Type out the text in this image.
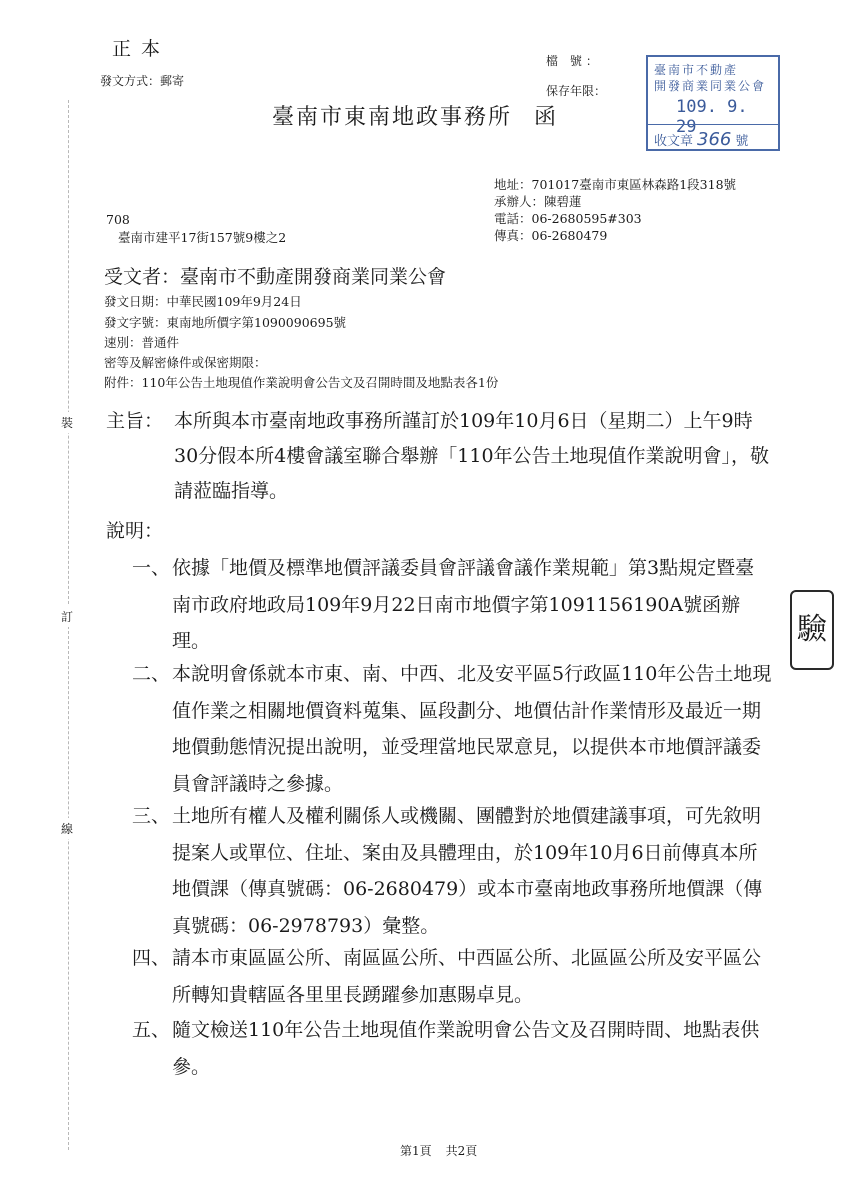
裝
訂
線
正本
發文方式：郵寄
檔 號：
保存年限：
臺南市東南地政事務所 函
臺南市不動產
開發商業同業公會
109. 9. 29
收文章 366 號
地址：701017臺南市東區林森路1段318號
承辦人：陳碧蓮
電話：06-2680595#303
傳真：06-2680479
708
臺南市建平17街157號9樓之2
受文者：臺南市不動產開發商業同業公會
發文日期：中華民國109年9月24日
發文字號：東南地所價字第1090090695號
速別：普通件
密等及解密條件或保密期限：
附件：110年公告土地現值作業說明會公告文及召開時間及地點表各1份
主旨： 本所與本市臺南地政事務所謹訂於109年10月6日（星期二）上午9時30分假本所4樓會議室聯合舉辦「110年公告土地現值作業說明會」，敬請蒞臨指導。
說明：
一、 依據「地價及標準地價評議委員會評議會議作業規範」第3點規定暨臺南市政府地政局109年9月22日南市地價字第1091156190A號函辦理。
二、 本說明會係就本市東、南、中西、北及安平區5行政區110年公告土地現值作業之相關地價資料蒐集、區段劃分、地價估計作業情形及最近一期地價動態情況提出說明，並受理當地民眾意見，以提供本市地價評議委員會評議時之參據。
三、 土地所有權人及權利關係人或機關、團體對於地價建議事項，可先敘明提案人或單位、住址、案由及具體理由，於109年10月6日前傳真本所地價課（傳真號碼：06-2680479）或本市臺南地政事務所地價課（傳真號碼：06-2978793）彙整。
四、 請本市東區區公所、南區區公所、中西區公所、北區區公所及安平區公所轉知貴轄區各里里長踴躍參加惠賜卓見。
五、 隨文檢送110年公告土地現值作業說明會公告文及召開時間、地點表供參。
驗
第1頁 共2頁
